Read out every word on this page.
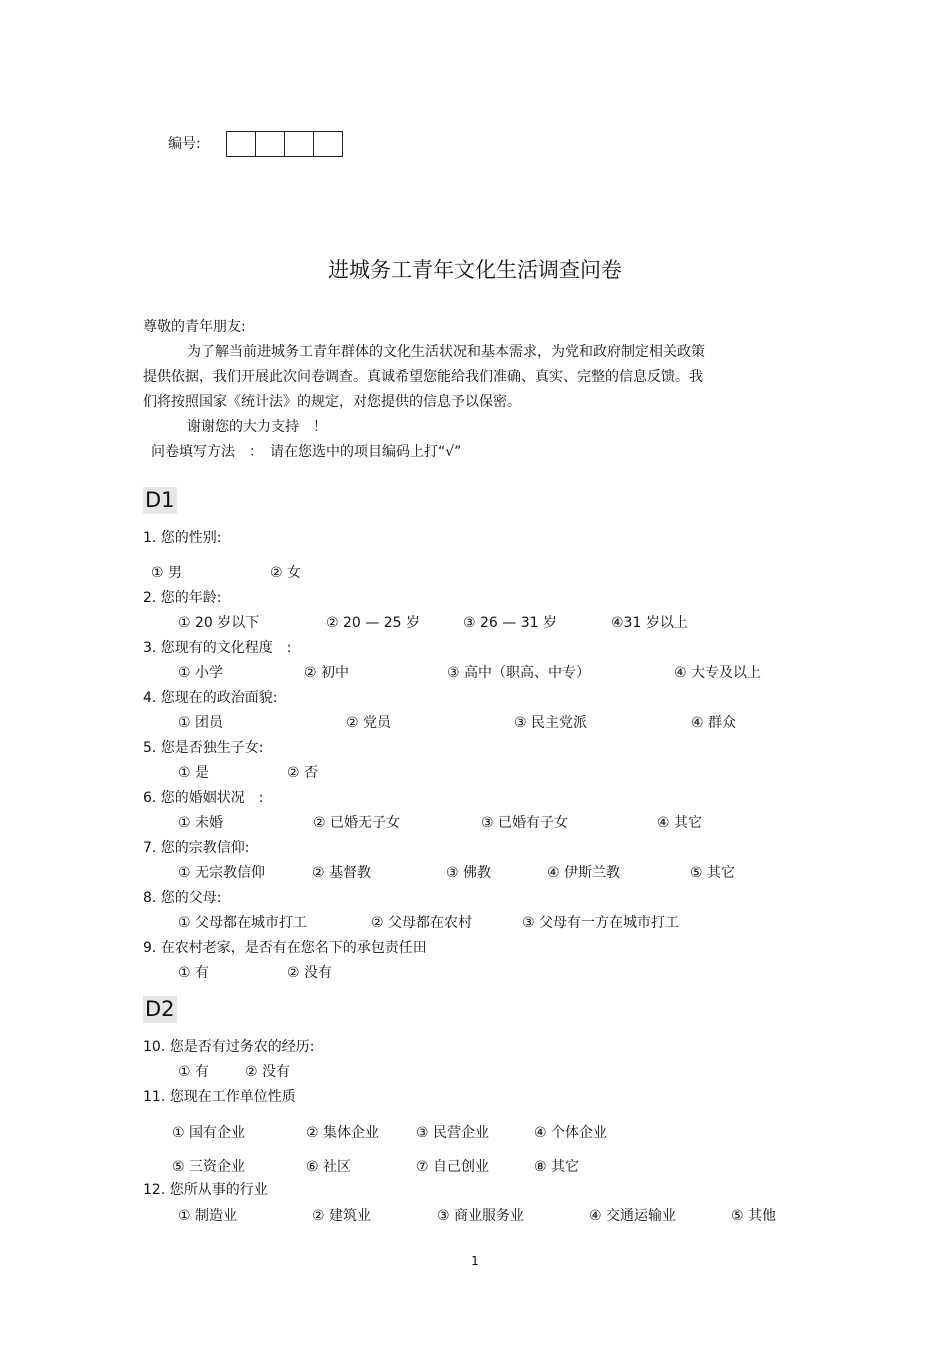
编号:
进城务工青年文化生活调查问卷
尊敬的青年朋友:

为了解当前进城务工青年群体的文化生活状况和基本需求，为党和政府制定相关政策

提供依据，我们开展此次问卷调查。真诚希望您能给我们准确、真实、完整的信息反馈。我

们将按照国家《统计法》的规定，对您提供的信息予以保密。

谢谢您的大力支持　！

问卷填写方法　：　请在您选中的项目编码上打“√”

D1
1. 您的性别:
① 男	② 女
2. 您的年龄:
① 20 岁以下	② 20 — 25 岁	③ 26 — 31 岁	④31 岁以上
3. 您现有的文化程度　:
① 小学	② 初中	③ 高中（职高、中专）	④ 大专及以上
4. 您现在的政治面貌:
① 团员	② 党员	③ 民主党派	④ 群众
5. 您是否独生子女:
① 是	② 否
6. 您的婚姻状况　:
① 未婚	② 已婚无子女	③ 已婚有子女	④ 其它
7. 您的宗教信仰:
① 无宗教信仰	② 基督教	③ 佛教	④ 伊斯兰教	⑤ 其它
8. 您的父母:
① 父母都在城市打工	② 父母都在农村	③ 父母有一方在城市打工
9. 在农村老家，是否有在您名下的承包责任田
① 有	② 没有
D2
10. 您是否有过务农的经历:
① 有	② 没有
11. 您现在工作单位性质
① 国有企业	② 集体企业	③ 民营企业	④ 个体企业
⑤ 三资企业	⑥ 社区	⑦ 自己创业	⑧ 其它
12. 您所从事的行业
① 制造业	② 建筑业	③ 商业服务业	④ 交通运输业	⑤ 其他
1
